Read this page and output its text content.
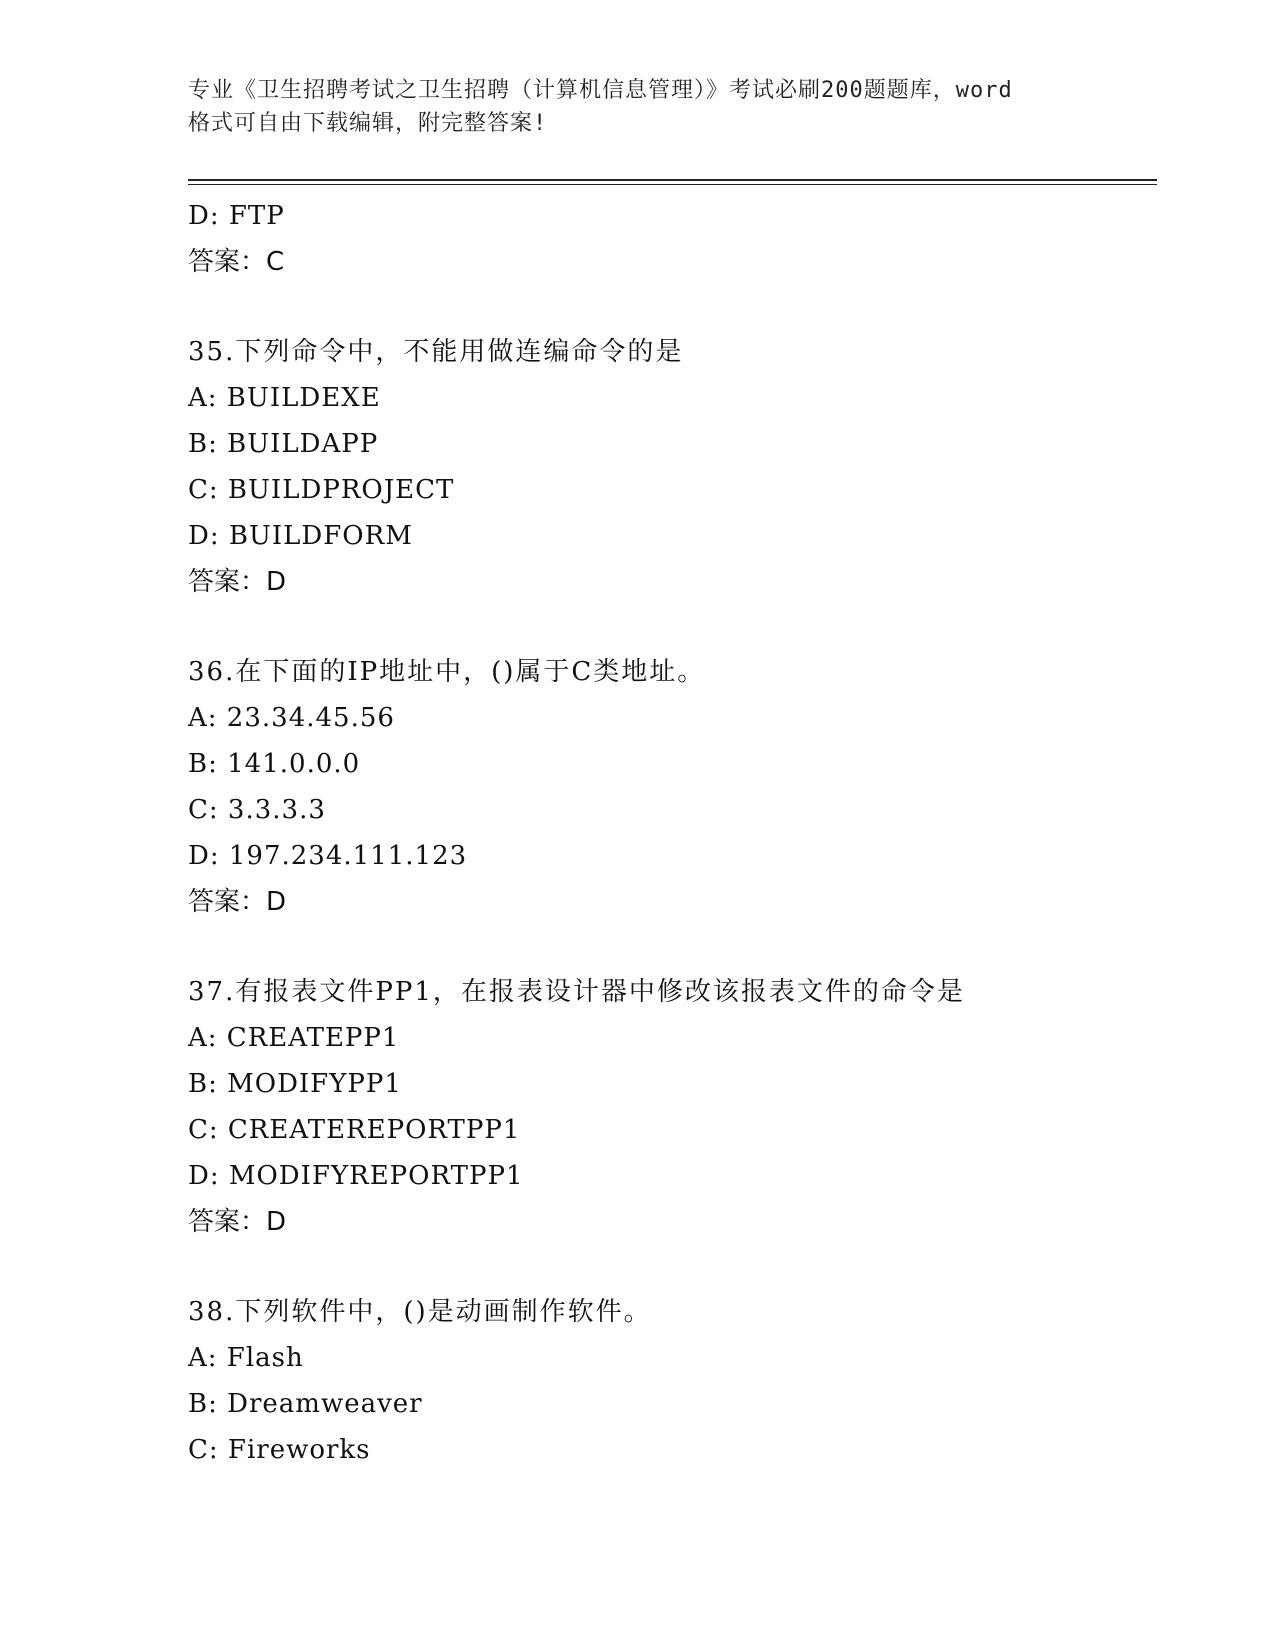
专业《卫生招聘考试之卫生招聘（计算机信息管理）》考试必刷200题题库，word
格式可自由下载编辑，附完整答案!
D: FTP
答案：C
35.下列命令中，不能用做连编命令的是
A: BUILDEXE
B: BUILDAPP
C: BUILDPROJECT
D: BUILDFORM
答案：D
36.在下面的IP地址中，()属于C类地址。
A: 23.34.45.56
B: 141.0.0.0
C: 3.3.3.3
D: 197.234.111.123
答案：D
37.有报表文件PP1，在报表设计器中修改该报表文件的命令是
A: CREATEPP1
B: MODIFYPP1
C: CREATEREPORTPP1
D: MODIFYREPORTPP1
答案：D
38.下列软件中，()是动画制作软件。
A: Flash
B: Dreamweaver
C: Fireworks
